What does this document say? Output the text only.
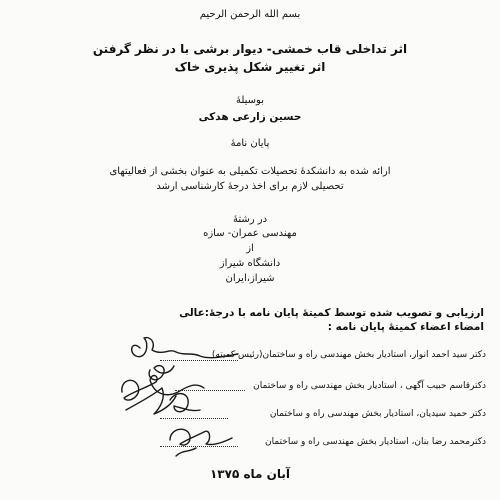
بسم الله الرحمن الرحیم
اثر تداخلی قاب خمشی- دیوار برشی با در نظر گرفتن
اثر تغییر شکل پذیری خاک
بوسیلهٔ
حسین زارعی هدکی
پایان نامهٔ
ارائه شده به دانشکدهٔ تحصیلات تکمیلی به عنوان بخشی از فعالیتهای
تحصیلی لازم برای اخذ درجهٔ کارشناسی ارشد
در رشتهٔ
مهندسی عمران- سازه
از
دانشگاه شیراز
شیراز،ایران
ارزیابی و تصویب شده توسط کمیتهٔ پایان نامه با درجهٔ:عالی
امضاء اعضاء کمیتهٔ پایان نامه :
دکتر سید احمد انوار، استادیار بخش مهندسی راه و ساختمان(رئیس کمیته)
دکترقاسم حبیب آگهی ، استادیار بخش مهندسی راه و ساختمان
دکتر حمید سیدیان، استادیار بخش مهندسی راه و ساختمان
دکترمحمد رضا بنان، استادیار بخش مهندسی راه و ساختمان
آبان ماه ۱۳۷۵
